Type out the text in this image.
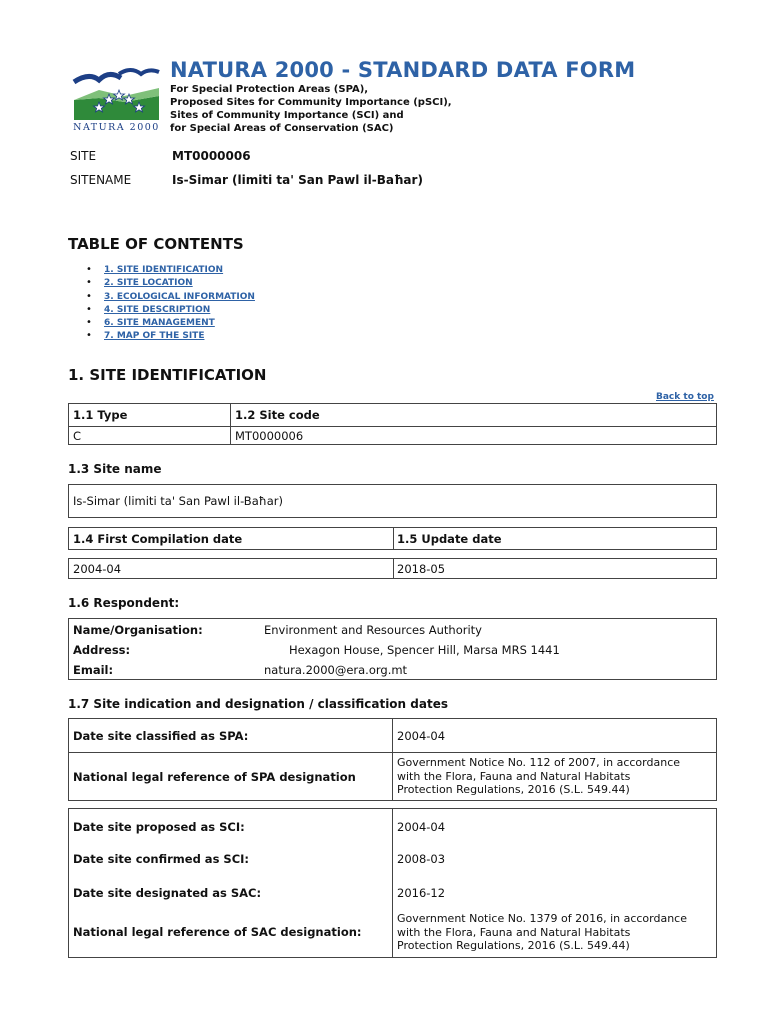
NATURA 2000
NATURA 2000 - STANDARD DATA FORM
For Special Protection Areas (SPA),
Proposed Sites for Community Importance (pSCI),
Sites of Community Importance (SCI) and
for Special Areas of Conservation (SAC)
SITE	MT0000006
SITENAME	Is-Simar (limiti ta' San Pawl il-Baħar)
TABLE OF CONTENTS
• 1. SITE IDENTIFICATION
• 2. SITE LOCATION
• 3. ECOLOGICAL INFORMATION
• 4. SITE DESCRIPTION
• 6. SITE MANAGEMENT
• 7. MAP OF THE SITE
1. SITE IDENTIFICATION
Back to top
1.1 Type	1.2 Site code
C	MT0000006
1.3 Site name
Is-Simar (limiti ta' San Pawl il-Baħar)
1.4 First Compilation date	1.5 Update date
2004-04	2018-05
1.6 Respondent:
Name/Organisation:	Environment and Resources Authority
Address:	Hexagon House, Spencer Hill, Marsa MRS 1441
Email:	natura.2000@era.org.mt
1.7 Site indication and designation / classification dates
Date site classified as SPA:	2004-04
National legal reference of SPA designation
Government Notice No. 112 of 2007, in accordance
with the Flora, Fauna and Natural Habitats
Protection Regulations, 2016 (S.L. 549.44)
Date site proposed as SCI:	2004-04
Date site confirmed as SCI:	2008-03
Date site designated as SAC:	2016-12
National legal reference of SAC designation:
Government Notice No. 1379 of 2016, in accordance
with the Flora, Fauna and Natural Habitats
Protection Regulations, 2016 (S.L. 549.44)
